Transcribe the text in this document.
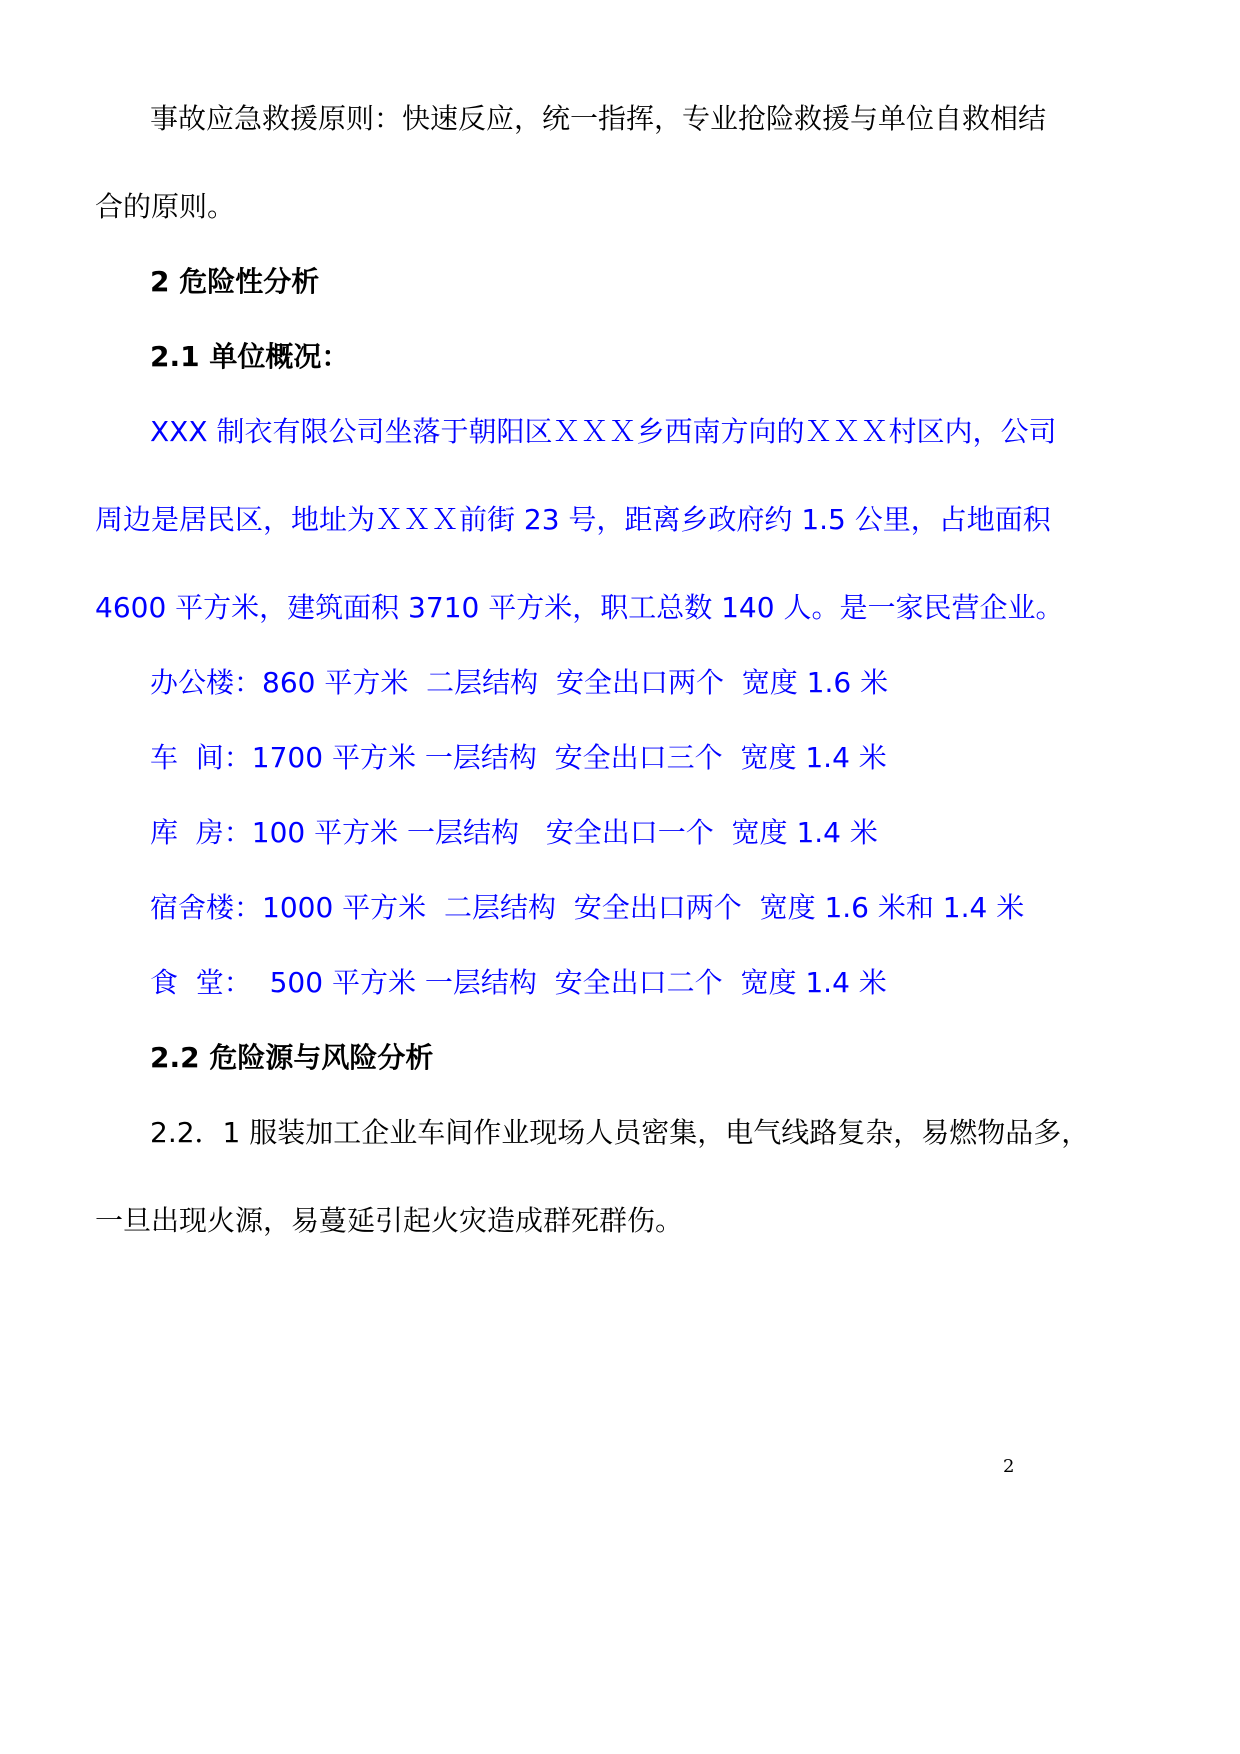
事故应急救援原则：快速反应，统一指挥，专业抢险救援与单位自救相结
合的原则。
2 危险性分析
2.1 单位概况：
XXX 制衣有限公司坐落于朝阳区ＸＸＸ乡西南方向的ＸＸＸ村区内，公司
周边是居民区，地址为ＸＸＸ前街 23 号，距离乡政府约 1.5 公里，占地面积
4600 平方米，建筑面积 3710 平方米，职工总数 140 人。是一家民营企业。
办公楼：860 平方米  二层结构  安全出口两个  宽度 1.6 米
车  间：1700 平方米 一层结构  安全出口三个  宽度 1.4 米
库  房：100 平方米 一层结构   安全出口一个  宽度 1.4 米
宿舍楼：1000 平方米  二层结构  安全出口两个  宽度 1.6 米和 1.4 米
食  堂：  500 平方米 一层结构  安全出口二个  宽度 1.4 米
2.2 危险源与风险分析
2.2．1 服装加工企业车间作业现场人员密集，电气线路复杂，易燃物品多，
一旦出现火源，易蔓延引起火灾造成群死群伤。
2
